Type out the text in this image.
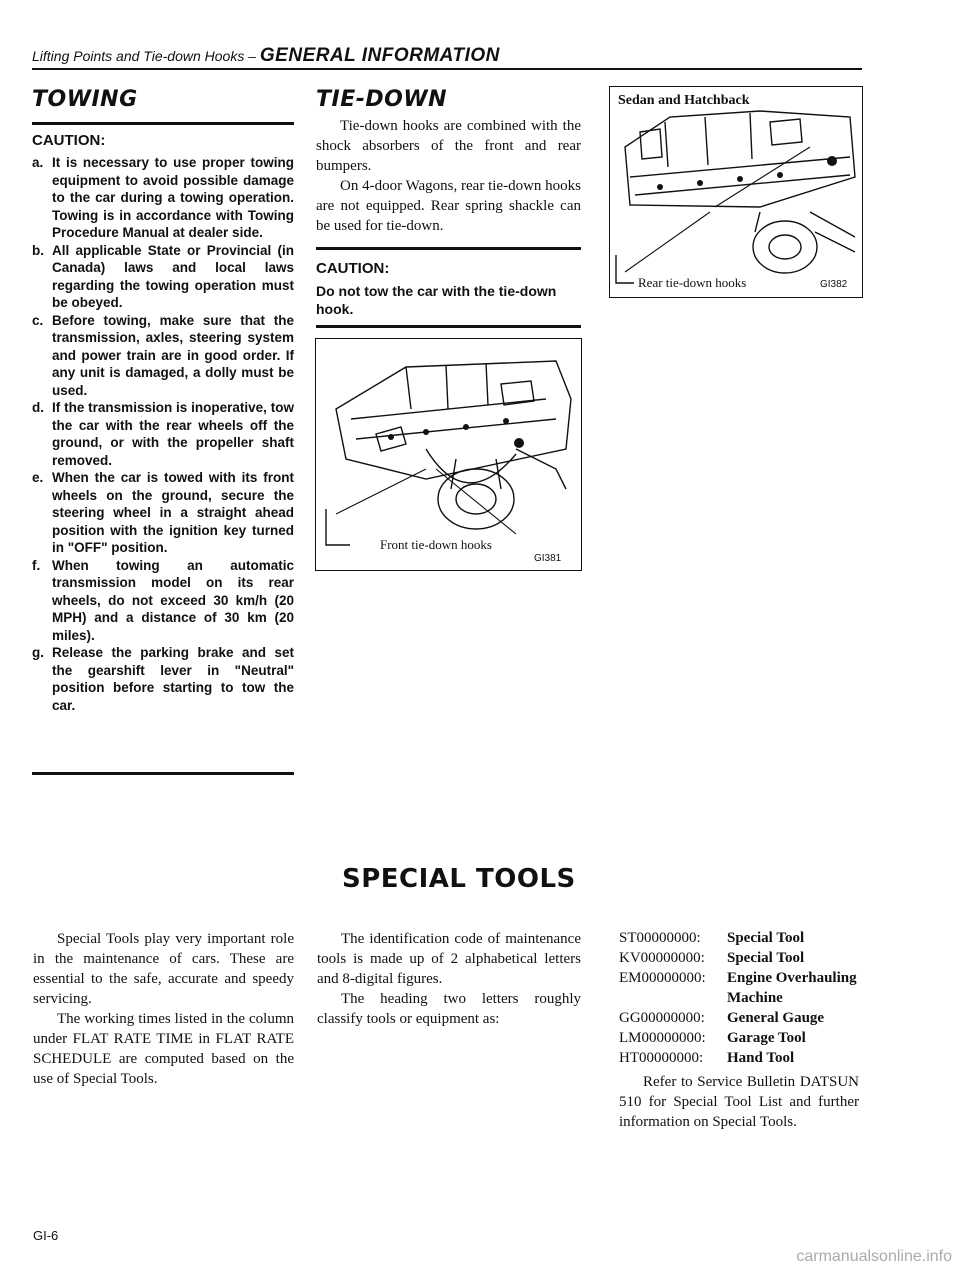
Lifting Points and Tie-down Hooks – GENERAL INFORMATION
TOWING
CAUTION:
a. It is necessary to use proper towing equipment to avoid possible damage to the car during a towing operation. Towing is in accordance with Towing Procedure Manual at dealer side.
b. All applicable State or Provincial (in Canada) laws and local laws regarding the towing operation must be obeyed.
c. Before towing, make sure that the transmission, axles, steering system and power train are in good order. If any unit is damaged, a dolly must be used.
d. If the transmission is inoperative, tow the car with the rear wheels off the ground, or with the propeller shaft removed.
e. When the car is towed with its front wheels on the ground, secure the steering wheel in a straight ahead position with the ignition key turned in "OFF" position.
f. When towing an automatic transmission model on its rear wheels, do not exceed 30 km/h (20 MPH) and a distance of 30 km (20 miles).
g. Release the parking brake and set the gearshift lever in "Neutral" position before starting to tow the car.
TIE-DOWN

Tie-down hooks are combined with the shock absorbers of the front and rear bumpers.

On 4-door Wagons, rear tie-down hooks are not equipped. Rear spring shackle can be used for tie-down.

CAUTION:
Do not tow the car with the tie-down hook.
Front tie-down hooks
GI381
Sedan and Hatchback
Rear tie-down hooks	GI382
SPECIAL TOOLS

Special Tools play very important role in the maintenance of cars. These are essential to the safe, accurate and speedy servicing.

The working times listed in the column under FLAT RATE TIME in FLAT RATE SCHEDULE are computed based on the use of Special Tools.

The identification code of maintenance tools is made up of 2 alphabetical letters and 8-digital figures.

The heading two letters roughly classify tools or equipment as:

ST00000000:	Special Tool
KV00000000:	Special Tool
EM00000000:	Engine Overhauling Machine
GG00000000:	General Gauge
LM00000000:	Garage Tool
HT00000000:	Hand Tool

Refer to Service Bulletin DATSUN 510 for Special Tool List and further information on Special Tools.

GI-6
carmanualsonline.info
